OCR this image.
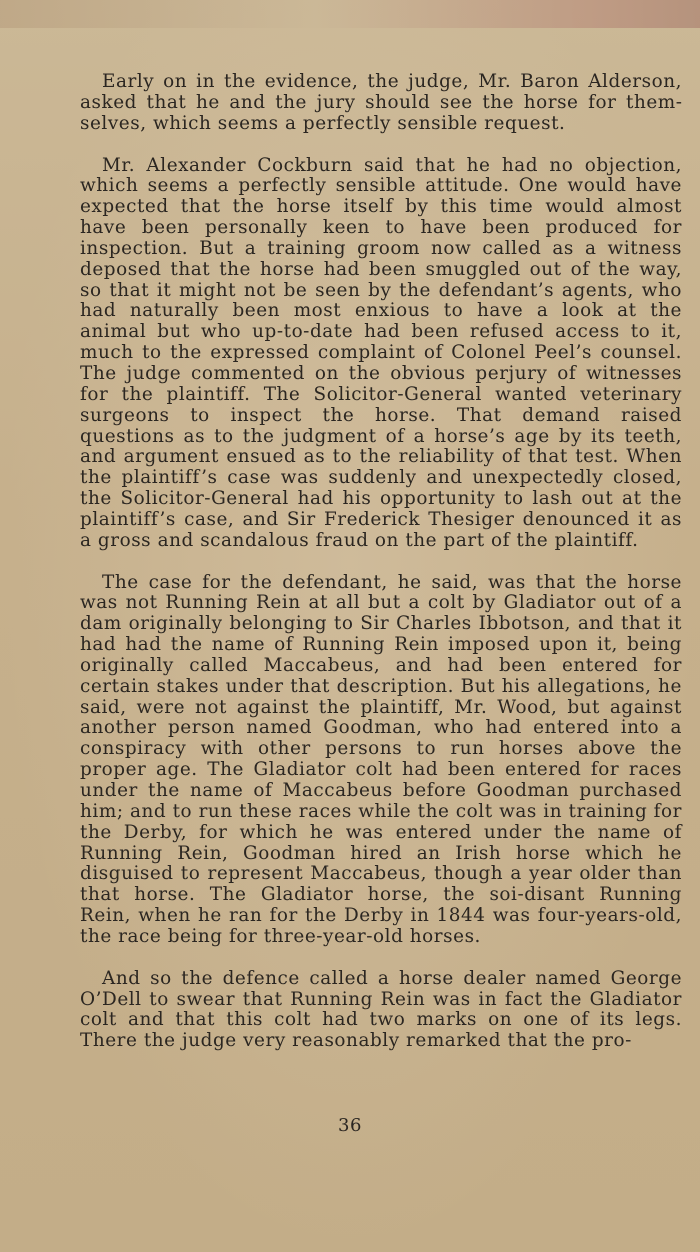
Early on in the evidence, the judge, Mr. Baron Alderson, asked that he and the jury should see the horse for themselves, which seems a perfectly sensible request.

Mr. Alexander Cockburn said that he had no objection, which seems a perfectly sensible attitude. One would have expected that the horse itself by this time would almost have been personally keen to have been produced for inspection. But a training groom now called as a witness deposed that the horse had been smuggled out of the way, so that it might not be seen by the defendant’s agents, who had naturally been most enxious to have a look at the animal but who up-to-date had been refused access to it, much to the expressed complaint of Colonel Peel’s counsel. The judge commented on the obvious perjury of witnesses for the plaintiff. The Solicitor-General wanted veterinary surgeons to inspect the horse. That demand raised questions as to the judgment of a horse’s age by its teeth, and argument ensued as to the reliability of that test. When the plaintiff’s case was suddenly and unexpectedly closed, the Solicitor-General had his opportunity to lash out at the plaintiff’s case, and Sir Frederick Thesiger denounced it as a gross and scandalous fraud on the part of the plaintiff.

The case for the defendant, he said, was that the horse was not Running Rein at all but a colt by Gladiator out of a dam originally belonging to Sir Charles Ibbotson, and that it had had the name of Running Rein imposed upon it, being originally called Maccabeus, and had been entered for certain stakes under that description. But his allegations, he said, were not against the plaintiff, Mr. Wood, but against another person named Goodman, who had entered into a conspiracy with other persons to run horses above the proper age. The Gladiator colt had been entered for races under the name of Maccabeus before Goodman purchased him; and to run these races while the colt was in training for the Derby, for which he was entered under the name of Running Rein, Goodman hired an Irish horse which he disguised to represent Maccabeus, though a year older than that horse. The Gladiator horse, the soi-disant Running Rein, when he ran for the Derby in 1844 was four-years-old, the race being for three-year-old horses.

And so the defence called a horse dealer named George O’Dell to swear that Running Rein was in fact the Gladiator colt and that this colt had two marks on one of its legs. There the judge very reasonably remarked that the pro-

36
